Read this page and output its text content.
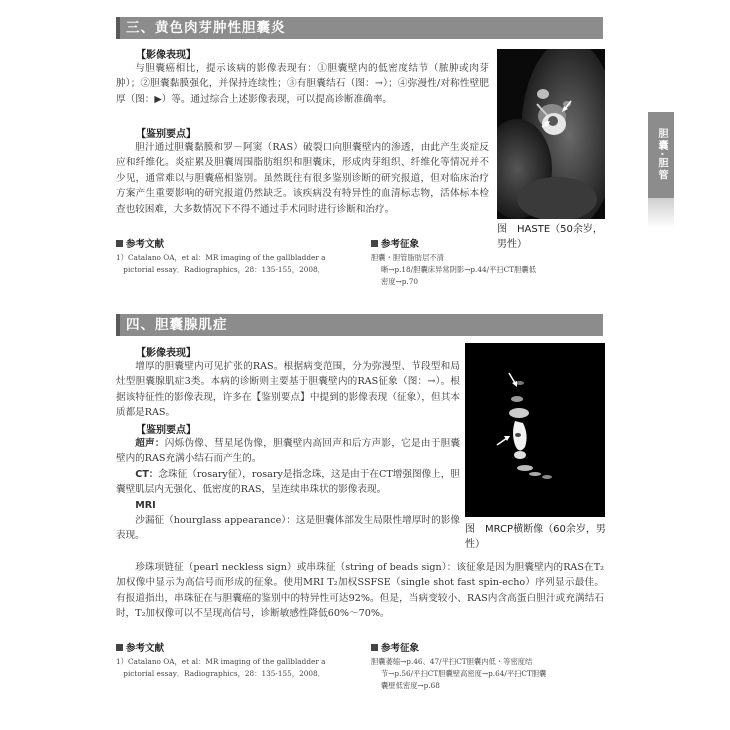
胆囊·胆管
三、黄色肉芽肿性胆囊炎
【影像表现】

与胆囊癌相比，提示该病的影像表现有：①胆囊壁内的低密度结节（脓肿或肉芽肿）；②胆囊黏膜强化，并保持连续性；③有胆囊结石（图：→）；④弥漫性/对称性壁肥厚（图：▶）等。通过综合上述影像表现，可以提高诊断准确率。

【鉴别要点】

胆汁通过胆囊黏膜和罗－阿窦（RAS）破裂口向胆囊壁内的渗透，由此产生炎症反应和纤维化。炎症累及胆囊周围脂肪组织和胆囊床，形成肉芽组织、纤维化等情况并不少见，通常难以与胆囊癌相鉴别。虽然既往有很多鉴别诊断的研究报道，但对临床治疗方案产生重要影响的研究报道仍然缺乏。该疾病没有特异性的血清标志物，活体标本检查也较困难，大多数情况下不得不通过手术同时进行诊断和治疗。

图　HASTE（50余岁，男性）
参考文献
1）Catalano OA，et al：MR imaging of the gallbladder a
　pictorial essay．Radiographics，28：135-155，2008．
参考征象
胆囊・胆管脂肪层不清
晰→p.18/胆囊床异常阴影→p.44/平扫CT胆囊低
密度→p.70
四、胆囊腺肌症
【影像表现】

增厚的胆囊壁内可见扩张的RAS。根据病变范围，分为弥漫型、节段型和局灶型胆囊腺肌症3类。本病的诊断则主要基于胆囊壁内的RAS征象（图：→）。根据该特征性的影像表现，许多在【鉴别要点】中提到的影像表现（征象），但其本质都是RAS。

【鉴别要点】

超声：闪烁伪像、彗星尾伪像，胆囊壁内高回声和后方声影，它是由于胆囊壁内的RAS充满小结石而产生的。

CT：念珠征（rosary征），rosary是指念珠，这是由于在CT增强图像上，胆囊壁肌层内无强化、低密度的RAS，呈连续串珠状的影像表现。

MRI

沙漏征（hourglass appearance）：这是胆囊体部发生局限性增厚时的影像表现。

珍珠项链征（pearl neckless sign）或串珠征（string of beads sign）：该征象是因为胆囊壁内的RAS在T₂加权像中显示为高信号而形成的征象。使用MRI T₂加权SSFSE（single shot fast spin-echo）序列显示最佳。有报道指出，串珠征在与胆囊癌的鉴别中的特异性可达92%。但是，当病变较小、RAS内含高蛋白胆汁或充满结石时，T₂加权像可以不呈现高信号，诊断敏感性降低60%～70%。

图　MRCP横断像（60余岁，男性）
参考文献
1）Catalano OA，et al：MR imaging of the gallbladder a
　pictorial essay．Radiographics，28：135-155，2008．
参考征象
胆囊萎缩→p.46、47/平扫CT胆囊内低・等密度结
节→p.56/平扫CT胆囊壁高密度→p.64/平扫CT胆囊
囊壁低密度→p.68
